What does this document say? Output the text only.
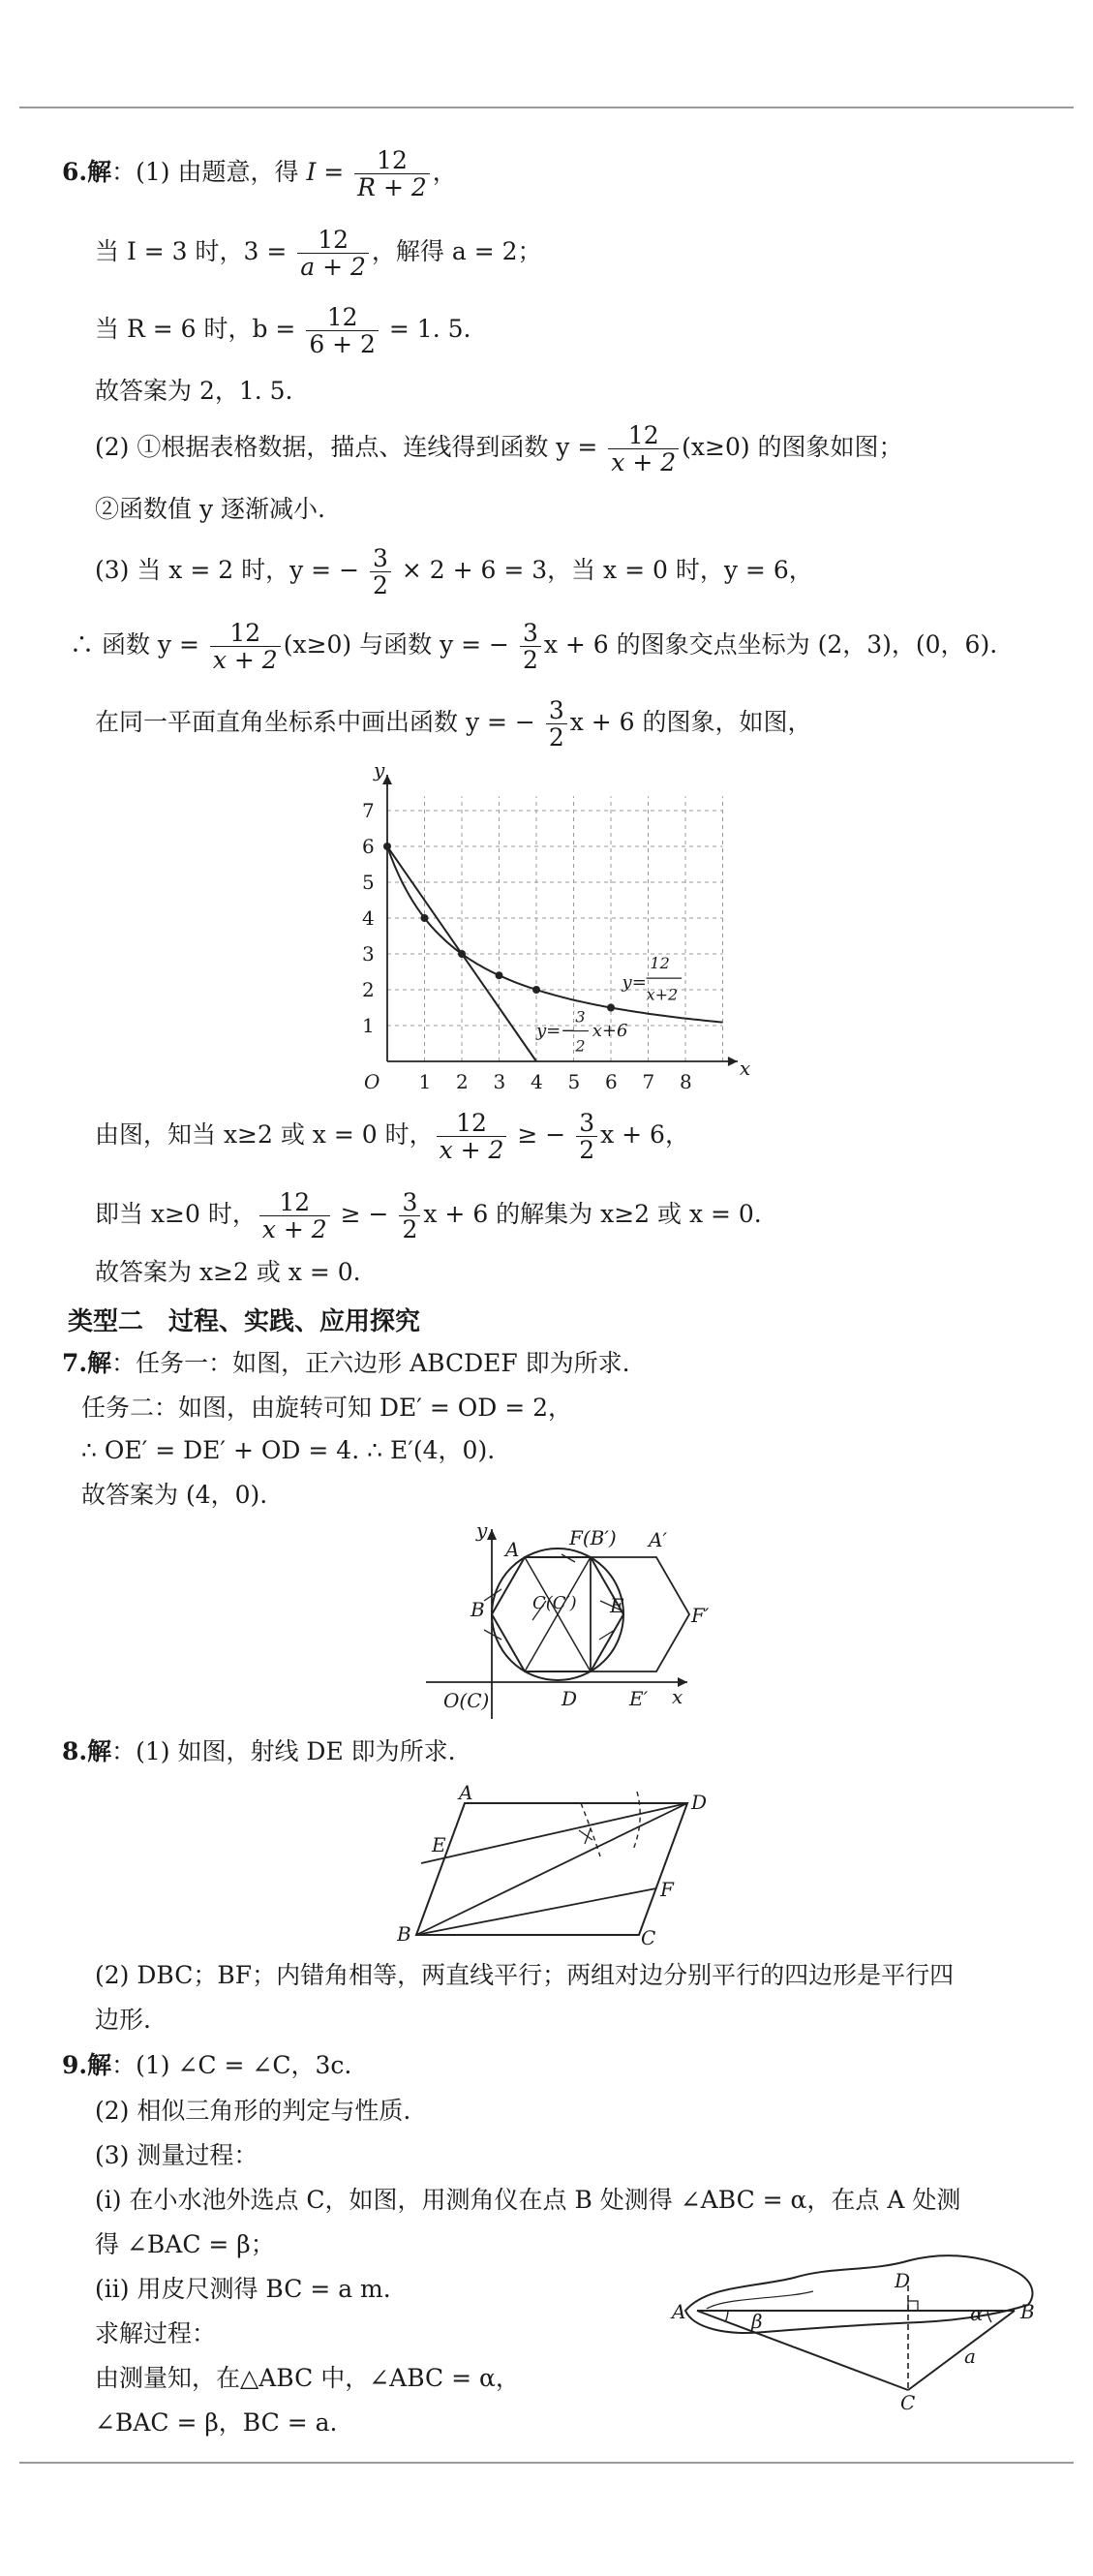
6.解：(1) 由题意，得 $I = \frac{12}{R + 2}$ ，
当 I = 3 时，$3 = \frac{12}{a + 2}$ ，解得 a = 2；
当 R = 6 时，$b = \frac{12}{6 + 2} = 1$. 5.
故答案为 2，1. 5.
(2) ①根据表格数据，描点、连线得到函数 $y = \frac{12}{x + 2} (x\ge 0)$ 的图象如图；
②函数值 y 逐渐减小.
(3) 当 x = 2 时，y = − $\frac{3}{2} \times 2 + 6 = 3$，当 x = 0 时，y = 6，
∴ 函数 $y = \frac{12}{x + 2} (x\ge 0)$ 与函数 y = − $\frac{3}{2}$ x + 6 的图象交点坐标为 (2，3)，(0，6).
在同一平面直角坐标系中画出函数 y = − $\frac{3}{2}$ x + 6 的图象，如图，
1 2 3 4 5 6 7 8
1
2
3
4
5
6
7
O
x
y
y=
12
x+2
y=−
3
2
x+6
由图，知当 x≥2 或 x = 0 时， $\frac{12}{x + 2}$ ≥ − $\frac{3}{2}$ x + 6，
即当 x≥0 时， $\frac{12}{x + 2}$ ≥ − $\frac{3}{2}$ x + 6 的解集为 x≥2 或 x = 0.
故答案为 x≥2 或 x = 0.
类型二　过程、实践、应用探究
7.解：任务一：如图，正六边形 ABCDEF 即为所求.
任务二：如图，由旋转可知 DE′ = OD = 2，
∴ OE′ = DE′ + OD = 4. ∴ E′(4，0).
故答案为 (4，0).
y
A	F(B′) A′
B	C(C′) E	F′
O(C)	D	E′ x
8.解：(1) 如图，射线 DE 即为所求.
A	D
E
F
B	C
(2) DBC；BF；内错角相等，两直线平行；两组对边分别平行的四边形是平行四
边形.
9.解：(1) ∠C = ∠C，3c.
(2) 相似三角形的判定与性质.
(3) 测量过程：
(ⅰ) 在小水池外选点 C，如图，用测角仪在点 B 处测得 ∠ABC = α，在点 A 处测
得 ∠BAC = β；
(ⅱ) 用皮尺测得 BC = a m.
求解过程：
由测量知，在△ABC 中，∠ABC = α，
∠BAC = β，BC = a.
A	B
D
C
β	α
a
